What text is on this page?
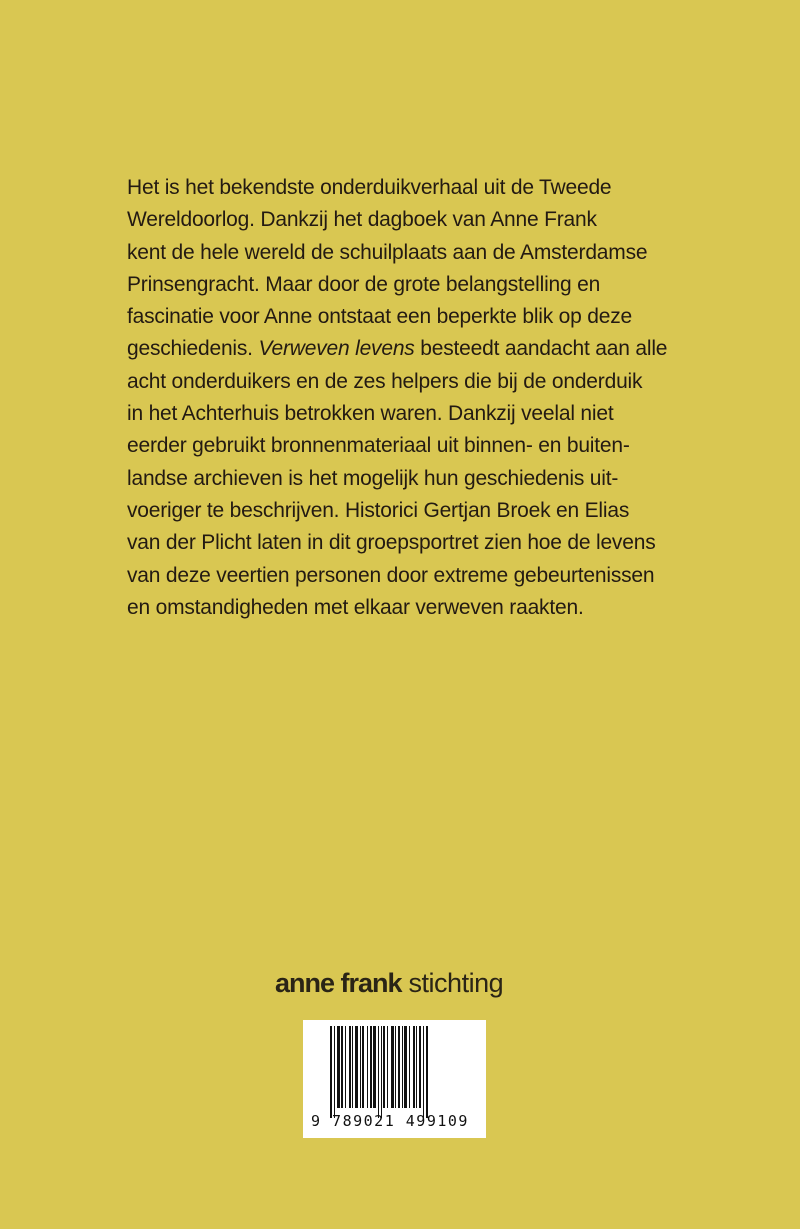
Het is het bekendste onderduikverhaal uit de Tweede
Wereldoorlog. Dankzij het dagboek van Anne Frank
kent de hele wereld de schuilplaats aan de Amsterdamse
Prinsengracht. Maar door de grote belangstelling en
fascinatie voor Anne ontstaat een beperkte blik op deze
geschiedenis. Verweven levens besteedt aandacht aan alle
acht onderduikers en de zes helpers die bij de onderduik
in het Achterhuis betrokken waren. Dankzij veelal niet
eerder gebruikt bronnenmateriaal uit binnen- en buiten-
landse archieven is het mogelijk hun geschiedenis uit-
voeriger te beschrijven. Historici Gertjan Broek en Elias
van der Plicht laten in dit groepsportret zien hoe de levens
van deze veertien personen door extreme gebeurtenissen
en omstandigheden met elkaar verweven raakten.
anne frank stichting
9 789021 499109
